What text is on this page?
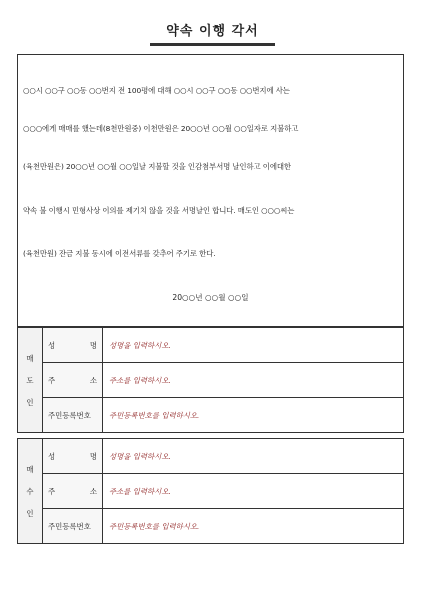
약속 이행 각서
○○시 ○○구 ○○동 ○○번지 전 100평에 대해 ○○시 ○○구 ○○동 ○○번지에 사는
○○○에게 매매를 했는데(8천만원중) 이천만원은 20○○년 ○○월 ○○일자로 지불하고
(육천만원은) 20○○년 ○○월 ○○일날 지불할 것을 인감첨부서명 날인하고 이에대한
약속 불 이행시 민형사상 이의를 제기치 않을 것을 서명날인 합니다. 매도인 ○○○씨는
(육천만원) 잔금 지불 동시에 이전서류를 갖추어 주기로 한다.
20○○년 ○○월 ○○일
매
도
인	성 명	성명을 입력하시오.
	주 소	주소를 입력하시오.
	주민등록번호	주민등록번호를 입력하시오.
매
수
인	성 명	성명을 입력하시오.
	주 소	주소를 입력하시오.
	주민등록번호	주민등록번호를 입력하시오.
